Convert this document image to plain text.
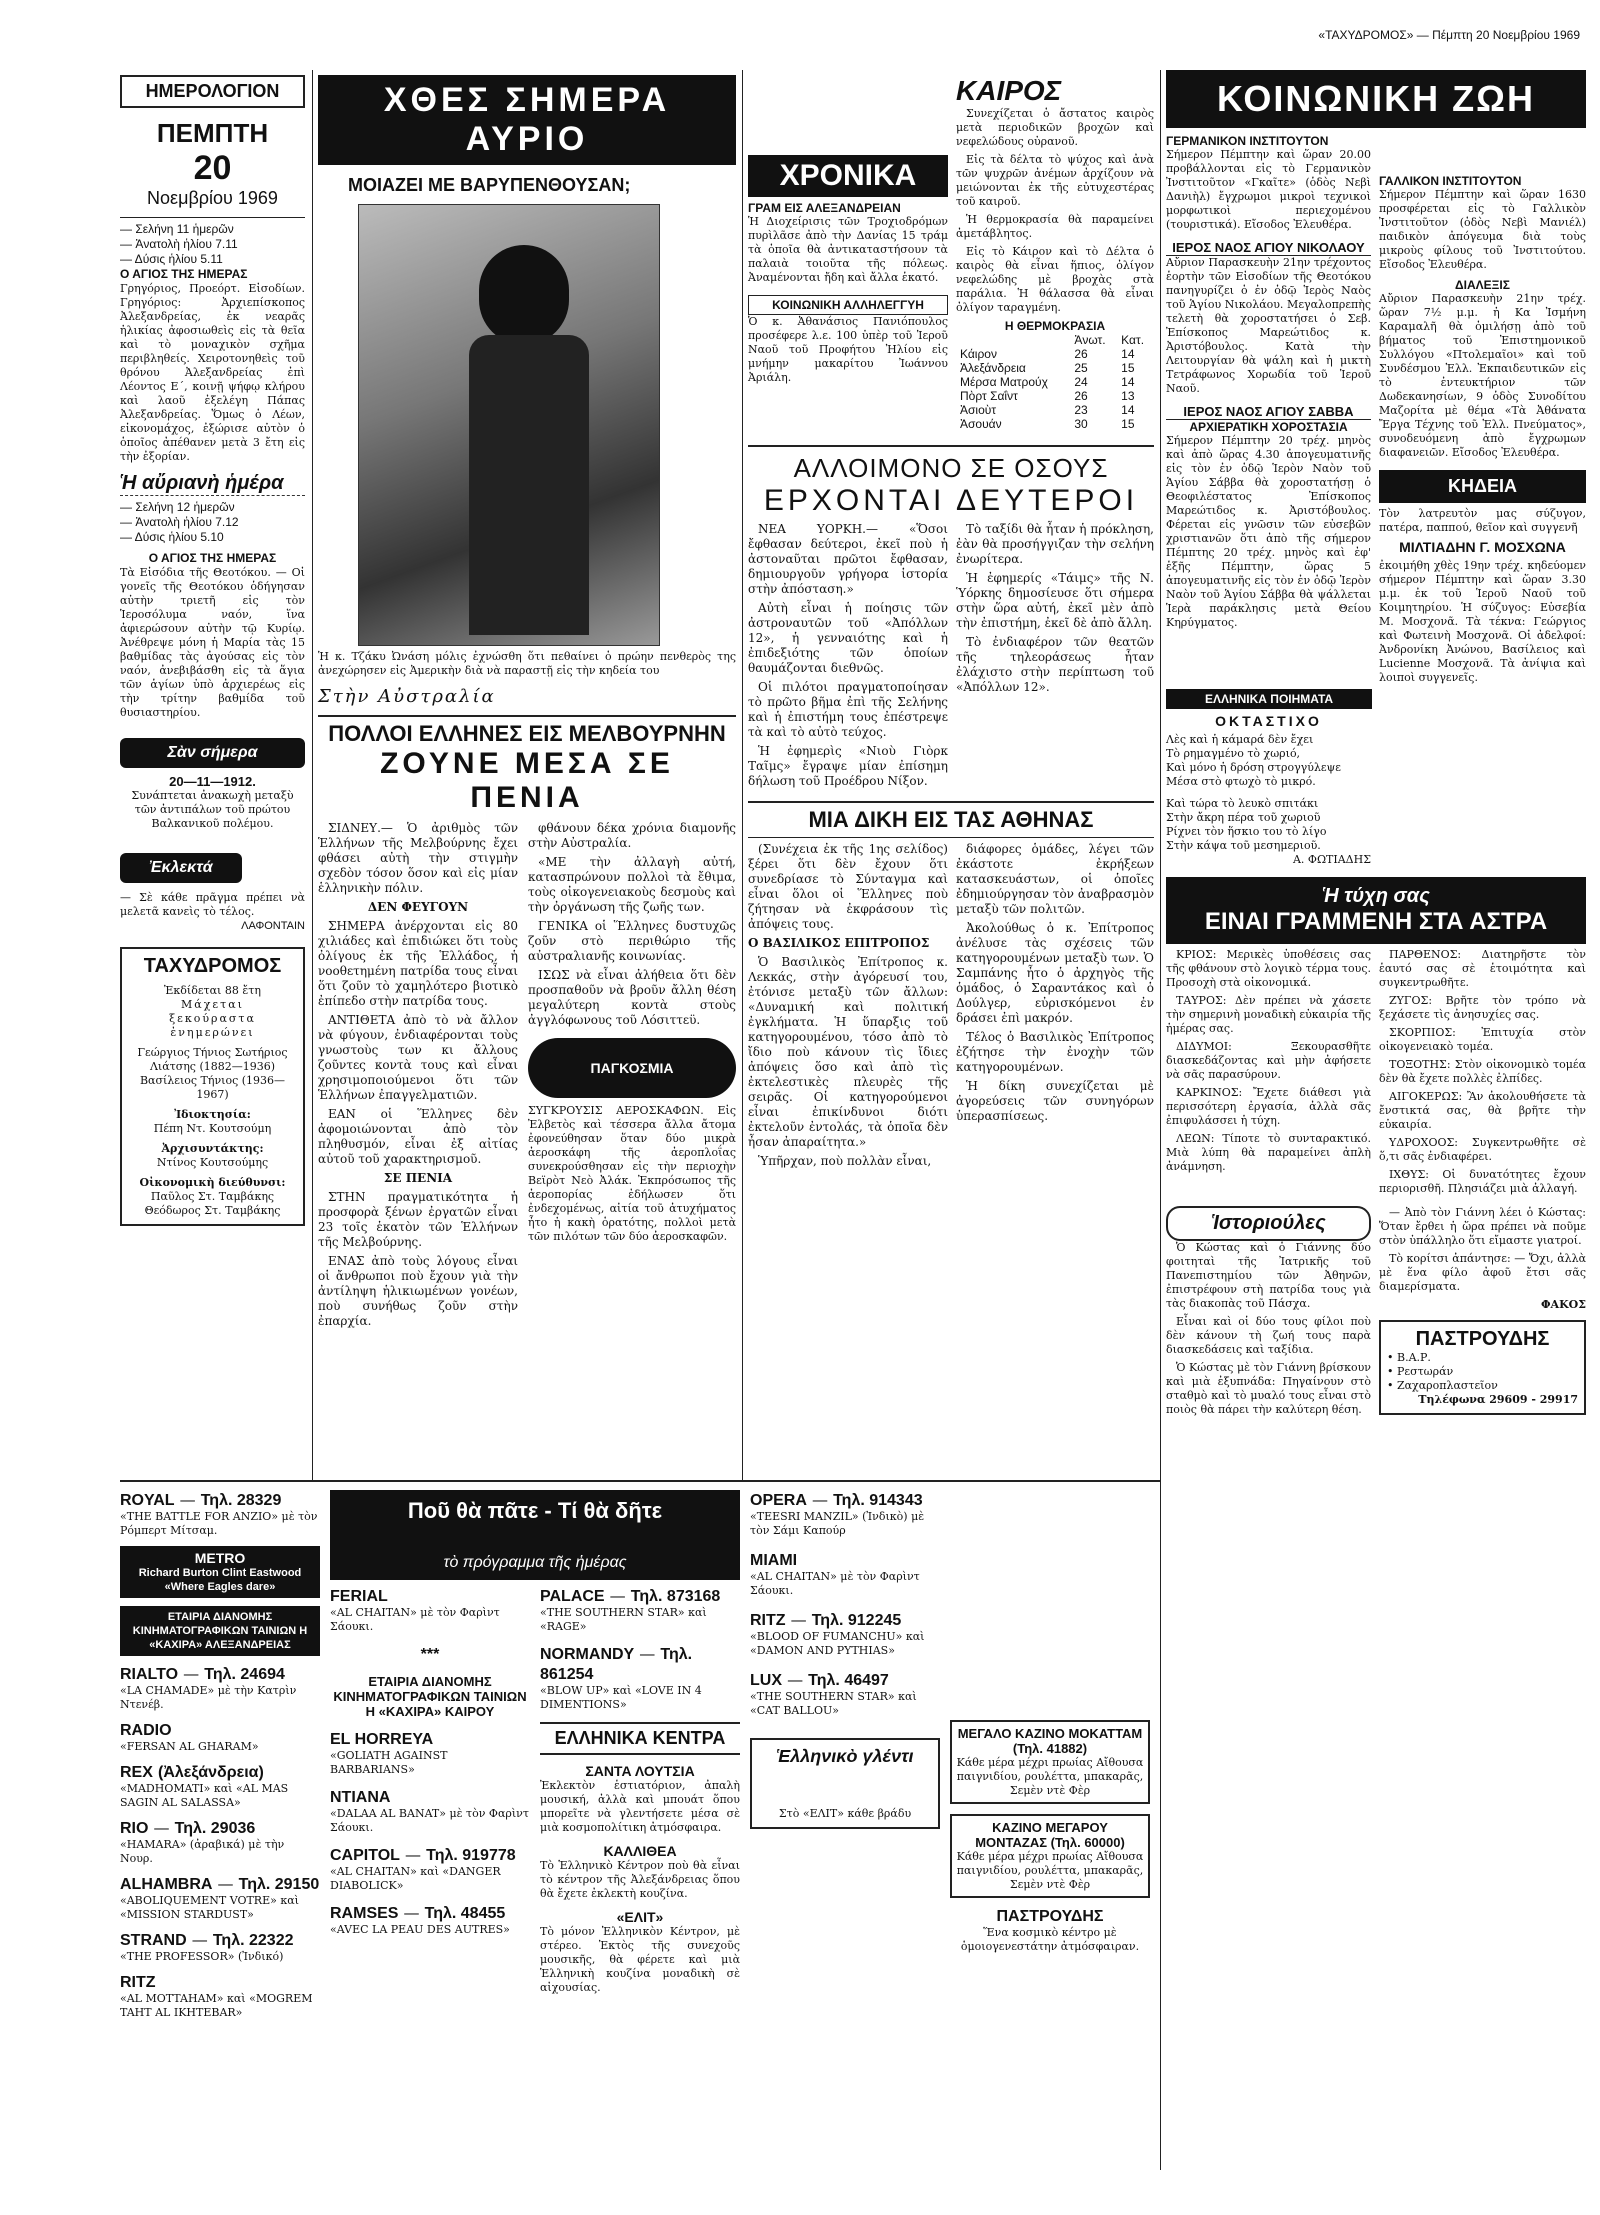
«ΤΑΧΥΔΡΟΜΟΣ» — Πέμπτη 20 Νοεμβρίου 1969
ΗΜΕΡΟΛΟΓΙΟΝ
ΠΕΜΠΤΗ
20
Νοεμβρίου 1969
— Σελήνη 11 ἡμερῶν
— Ἀνατολὴ ἡλίου 7.11
— Δύσις ἡλίου 5.11
Ο ΑΓΙΟΣ ΤΗΣ ΗΜΕΡΑΣ
Γρηγόριος, Προεόρτ. Εἰσοδίων. Γρηγόριος: Ἀρχιεπίσκοπος Ἀλεξανδρείας, ἐκ νεαρᾶς ἡλικίας ἀφοσιωθεὶς εἰς τὰ θεῖα καὶ τὸ μοναχικὸν σχῆμα περιβληθείς. Χειροτονηθεὶς τοῦ θρόνου Ἀλεξανδρείας ἐπὶ Λέοντος Ε΄, κοινῇ ψήφῳ κλήρου καὶ λαοῦ ἐξελέγη Πάπας Ἀλεξανδρείας. Ὅμως ὁ Λέων, εἰκονομάχος, ἐξώρισε αὐτὸν ὁ ὁποῖος ἀπέθανεν μετὰ 3 ἔτη εἰς τὴν ἐξορίαν.
Ἡ αὔριανὴ ἡμέρα
— Σελήνη 12 ἡμερῶν
— Ἀνατολὴ ἡλίου 7.12
— Δύσις ἡλίου 5.10
Ο ΑΓΙΟΣ ΤΗΣ ΗΜΕΡΑΣ
Τὰ Εἰσόδια τῆς Θεοτόκου. — Οἱ γονεῖς τῆς Θεοτόκου ὁδήγησαν αὐτὴν τριετῆ εἰς τὸν Ἱεροσόλυμα ναόν, ἵνα ἀφιερώσουν αὐτὴν τῷ Κυρίῳ. Ἀνέθρεψε μόνη ἡ Μαρία τὰς 15 βαθμίδας τὰς ἀγούσας εἰς τὸν ναόν, ἀνεβιβάσθη εἰς τὰ ἅγια τῶν ἁγίων ὑπὸ ἀρχιερέως εἰς τὴν τρίτην βαθμίδα τοῦ θυσιαστηρίου.
Σὰν σήμερα
20—11—1912.
Συνάπτεται ἀνακωχὴ μεταξὺ τῶν ἀντιπάλων τοῦ πρώτου Βαλκανικοῦ πολέμου.
Ἐκλεκτά
— Σὲ κάθε πρᾶγμα πρέπει νὰ μελετᾶ κανεὶς τὸ τέλος.
ΛΑΦΟΝΤΑΙΝ
ΤΑΧΥΔΡΟΜΟΣ
Ἐκδίδεται 88 ἔτη
Μάχεται
ξεκούραστα
ἐνημερώνει
Γεώργιος Τήνιος Σωτήριος Λιάτσης (1882—1936)
Βασίλειος Τήνιος (1936—1967)
Ἰδιοκτησία:
Πέπη Ντ. Κουτσούμη
Ἀρχισυντάκτης:
Ντίνος Κουτσούμης
Οἰκονομικὴ διεύθυνσι:
Παῦλος Στ. Ταμβάκης Θεόδωρος Στ. Ταμβάκης
ΧΘΕΣ ΣΗΜΕΡΑ ΑΥΡΙΟ
ΜΟΙΑΖΕΙ ΜΕ ΒΑΡΥΠΕΝΘΟΥΣΑΝ;
Ἡ κ. Τζάκυ Ὠνάση μόλις ἐχνώσθη ὅτι πεθαίνει ὁ πρώην πενθερὸς της ἀνεχώρησεν εἰς Ἀμερικὴν διὰ νὰ παραστῇ εἰς τὴν κηδεία του
Στὴν Αὐστραλία
ΠΟΛΛΟΙ ΕΛΛΗΝΕΣ ΕΙΣ ΜΕΛΒΟΥΡΝΗΝ
ΖΟΥΝΕ ΜΕΣΑ ΣΕ ΠΕΝΙΑ

ΣΙΔΝΕΥ.— Ὁ ἀριθμὸς τῶν Ἑλλήνων τῆς Μελβούρνης ἔχει φθάσει αὐτὴ τὴν στιγμὴν σχεδὸν τόσον ὅσον καὶ εἰς μίαν ἑλληνικὴν πόλιν.

ΔΕΝ ΦΕΥΓΟΥΝ

ΣΗΜΕΡΑ ἀνέρχονται εἰς 80 χιλιάδες καὶ ἐπιδιώκει ὅτι τοὺς ὀλίγους ἐκ τῆς Ἑλλάδος, ἡ νοοθετημένη πατρίδα τους εἶναι ὅτι ζοῦν τὸ χαμηλότερο βιοτικὸ ἐπίπεδο στὴν πατρίδα τους.

ΑΝΤΙΘΕΤΑ ἀπὸ τὸ νὰ ἄλλον νὰ φύγουν, ἐνδιαφέρονται τοὺς γνωστοὺς των κι ἄλλους ζοῦντες κοντὰ τους καὶ εἶναι χρησιμοποιούμενοι ὅτι τῶν Ἑλλήνων ἐπαγγελματιῶν.

ΕΑΝ οἱ Ἕλληνες δὲν ἀφομοιώνονται ἀπὸ τὸν πληθυσμόν, εἶναι ἐξ αἰτίας αὐτοῦ τοῦ χαρακτηρισμοῦ.

ΣΕ ΠΕΝΙΑ

ΣΤΗΝ πραγματικότητα ἡ προσφορὰ ξένων ἐργατῶν εἶναι 23 τοῖς ἑκατὸν τῶν Ἑλλήνων τῆς Μελβούρνης.

ΕΝΑΣ ἀπὸ τοὺς λόγους εἶναι οἱ ἄνθρωποι ποὺ ἔχουν γιὰ τὴν ἀντίληψη ἡλικιωμένων γονέων, ποὺ συνήθως ζοῦν στὴν ἐπαρχία.

φθάνουν δέκα χρόνια διαμονῆς στὴν Αὐστραλία.

«ΜΕ τὴν ἀλλαγὴ αὐτή, κατασπρώνουν πολλοὶ τὰ ἔθιμα, τοὺς οἰκογενειακοὺς δεσμοὺς καὶ τὴν ὀργάνωση τῆς ζωῆς των.

ΓΕΝΙΚΑ οἱ Ἕλληνες δυστυχῶς ζοῦν στὸ περιθώριο τῆς αὐστραλιανῆς κοινωνίας.

ΙΣΩΣ νὰ εἶναι ἀλήθεια ὅτι δὲν προσπαθοῦν νὰ βροῦν ἄλλη θέση μεγαλύτερη κοντὰ στοὺς ἀγγλόφωνους τοῦ Λόσιττεϋ.

ΠΑΓΚΟΣΜΙΑ
ΣΥΓΚΡΟΥΣΙΣ ΑΕΡΟΣΚΑΦΩΝ. Εἰς Ἐλβετὸς καὶ τέσσερα ἄλλα ἄτομα ἐφονεύθησαν ὅταν δύο μικρὰ ἀεροσκάφη τῆς ἀεροπλοΐας συνεκρούσθησαν εἰς τὴν περιοχὴν Βεϊρὸτ Νεὸ Ἀλάκ. Ἐκπρόσωπος τῆς ἀεροπορίας ἐδήλωσεν ὅτι ἐνδεχομένως, αἰτία τοῦ ἀτυχήματος ἦτο ἡ κακὴ ὁρατότης, πολλοὶ μετὰ τῶν πιλότων τῶν δύο ἀεροσκαφῶν.
ΧΡΟΝΙΚΑ
ΓΡΑΜ ΕΙΣ ΑΛΕΞΑΝΔΡΕΙΑΝ
Ἡ Διοχείρισις τῶν Τροχιοδρόμων πυρὶλᾶσε ἀπὸ τὴν Δανίας 15 τράμ τὰ ὁποῖα θὰ ἀντικαταστήσουν τὰ παλαιὰ τοιοῦτα τῆς πόλεως. Ἀναμένονται ἤδη καὶ ἄλλα ἑκατό.
ΚΟΙΝΩΝΙΚΗ ΑΛΛΗΛΕΓΓΥΗ
Ὁ κ. Ἀθανάσιος Πανιόπουλος προσέφερε λ.ε. 100 ὑπὲρ τοῦ Ἱεροῦ Ναοῦ τοῦ Προφήτου Ἠλίου εἰς μνήμην μακαρίτου Ἰωάννου Ἀριάλη.
ΚΑΙΡΟΣ

Συνεχίζεται ὁ ἄστατος καιρὸς μετὰ περιοδικῶν βροχῶν καὶ νεφελώδους οὐρανοῦ.

Εἰς τὰ δέλτα τὸ ψύχος καὶ ἀνὰ τῶν ψυχρῶν ἀνέμων ἀρχίζουν νὰ μειώνονται ἐκ τῆς εὐτυχεστέρας τοῦ καιροῦ.

Ἡ θερμοκρασία θὰ παραμείνει ἀμετάβλητος.

Εἰς τὸ Κάιρον καὶ τὸ Δέλτα ὁ καιρὸς θὰ εἶναι ἥπιος, ὀλίγον νεφελώδης μὲ βροχὰς στὰ παράλια. Ἡ θάλασσα θὰ εἶναι ὀλίγον ταραγμένη.

Η ΘΕΡΜΟΚΡΑΣΙΑ
	Ἀνωτ.	Κατ.
Κάιρον	26	14
Ἀλεξάνδρεια	25	15
Μέρσα Ματρούχ	24	14
Πὸρτ Σαΐντ	26	13
Ἀσιοὺτ	23	14
Ἀσουάν	30	15
ΑΛΛΟΙΜΟΝΟ ΣΕ ΟΣΟΥΣ
ΕΡΧΟΝΤΑΙ ΔΕΥΤΕΡΟΙ

ΝΕΑ ΥΟΡΚΗ.— «Ὅσοι ἔφθασαν δεύτεροι, ἐκεῖ ποὺ ἡ ἀστοναῦται πρῶτοι ἔφθασαν, δημιουργοῦν γρήγορα ἱστορία στὴν ἀπόσταση.»

Αὐτὴ εἶναι ἡ ποίησις τῶν ἀστροναυτῶν τοῦ «Ἀπόλλων 12», ἡ γενναιότης καὶ ἡ ἐπιδεξιότης τῶν ὁποίων θαυμάζονται διεθνῶς.

Οἱ πιλότοι πραγματοποίησαν τὸ πρῶτο βῆμα ἐπὶ τῆς Σελήνης καὶ ἡ ἐπιστήμη τους ἐπέστρεψε τὰ καὶ τὸ αὐτὸ τεύχος.

Ἡ ἐφημερὶς «Νιοὺ Γιὸρκ Ταῖμς» ἔγραψε μίαν ἐπίσημη δήλωση τοῦ Προέδρου Νίξον.

Τὸ ταξίδι θὰ ἦταν ἡ πρόκληση, ἐὰν θὰ προσήγγιζαν τὴν σελήνη ἐνωρίτερα.

Ἡ ἐφημερίς «Τάιμς» τῆς Ν. Ὑόρκης δημοσίευσε ὅτι σήμερα στὴν ὥρα αὐτή, ἐκεῖ μὲν ἀπὸ τὴν ἐπιστήμη, ἐκεῖ δὲ ἀπὸ ἄλλη.

Τὸ ἐνδιαφέρον τῶν θεατῶν τῆς τηλεοράσεως ἦταν ἐλάχιστο στὴν περίπτωση τοῦ «Ἀπόλλων 12».

ΜΙΑ ΔΙΚΗ ΕΙΣ ΤΑΣ ΑΘΗΝΑΣ

(Συνέχεια ἐκ τῆς 1ης σελίδος) ξέρει ὅτι δὲν ἔχουν ὅτι συνεδρίασε τὸ Σύνταγμα καὶ εἶναι ὅλοι οἱ Ἕλληνες ποὺ ζήτησαν νὰ ἐκφράσουν τὶς ἀπόψεις τους.

Ο ΒΑΣΙΛΙΚΟΣ ΕΠΙΤΡΟΠΟΣ

Ὁ Βασιλικὸς Ἐπίτροπος κ. Λεκκάς, στὴν ἀγόρευσί του, ἐτόνισε μεταξὺ τῶν ἄλλων: «Δυναμική καὶ πολιτική ἐγκλήματα. Ἡ ὕπαρξις τοῦ κατηγορουμένου, τόσο ἀπὸ τὸ ἴδιο ποὺ κάνουν τὶς ἴδιες ἀπόψεις ὅσο καὶ ἀπὸ τὶς ἐκτελεστικὲς πλευρὲς τῆς σειρᾶς. Οἱ κατηγορούμενοι εἶναι ἐπικίνδυνοι διότι ἐκτελοῦν ἐντολάς, τὰ ὁποῖα δὲν ἦσαν ἀπαραίτητα.»

Ὑπῆρχαν, ποὺ πολλὰν εἶναι,

διάφορες ὁμάδες, λέγει τῶν ἐκάστοτε ἐκρήξεων κατασκευάστων, οἱ ὁποῖες ἐδημιούργησαν τὸν ἀναβρασμὸν μεταξὺ τῶν πολιτῶν.

Ἀκολούθως ὁ κ. Ἐπίτροπος ἀνέλυσε τὰς σχέσεις τῶν κατηγορουμένων μεταξὺ των. Ὁ Σαμπάνης ἦτο ὁ ἀρχηγὸς τῆς ὁμάδος, ὁ Σαραντάκος καὶ ὁ Δούλγερ, εὐρισκόμενοι ἐν δράσει ἐπὶ μακρόν.

Τέλος ὁ Βασιλικὸς Ἐπίτροπος ἐζήτησε τὴν ἐνοχὴν τῶν κατηγορουμένων.

Ἡ δίκη συνεχίζεται μὲ ἀγορεύσεις τῶν συνηγόρων ὑπερασπίσεως.

ΚΟΙΝΩΝΙΚΗ ΖΩΗ
ΓΕΡΜΑΝΙΚΟΝ ΙΝΣΤΙΤΟΥΤΟΝ
Σήμερον Πέμπτην καὶ ὥραν 20.00 προβάλλονται εἰς τὸ Γερμανικὸν Ἰνστιτοῦτον «Γκαῖτε» (ὁδὸς Νεβὶ Δανιὴλ) ἔγχρωμοι μικροὶ τεχνικοὶ μορφωτικοὶ περιεχομένου (τουριστικά). Εἴσοδος Ἐλευθέρα.
ΙΕΡΟΣ ΝΑΟΣ ΑΓΙΟΥ ΝΙΚΟΛΑΟΥ
Αὔριον Παρασκευὴν 21ην τρέχοντος ἑορτὴν τῶν Εἰσοδίων τῆς Θεοτόκου πανηγυρίζει ὁ ἐν ὁδῷ Ἱερὸς Ναὸς τοῦ Ἁγίου Νικολάου. Μεγαλοπρεπὴς τελετὴ θὰ χοροστατήσει ὁ Σεβ. Ἐπίσκοπος Μαρεώτιδος κ. Ἀριστόβουλος. Κατὰ τὴν Λειτουργίαν θὰ ψάλη καὶ ἡ μικτὴ Τετράφωνος Χορωδία τοῦ Ἱεροῦ Ναοῦ.
ΙΕΡΟΣ ΝΑΟΣ ΑΓΙΟΥ ΣΑΒΒΑ
ΑΡΧΙΕΡΑΤΙΚΗ ΧΟΡΟΣΤΑΣΙΑ
Σήμερον Πέμπτην 20 τρέχ. μηνὸς καὶ ἀπὸ ὥρας 4.30 ἀπογευματινῆς εἰς τὸν ἐν ὁδῷ Ἱερὸν Ναὸν τοῦ Ἁγίου Σάββα θὰ χοροστατήσῃ ὁ Θεοφιλέστατος Ἐπίσκοπος Μαρεώτιδος κ. Ἀριστόβουλος. Φέρεται εἰς γνῶσιν τῶν εὐσεβῶν χριστιανῶν ὅτι ἀπὸ τῆς σήμερον Πέμπτης 20 τρέχ. μηνὸς καὶ ἐφ' ἑξῆς Πέμπτην, ὥρας 5 ἀπογευματινῆς εἰς τὸν ἐν ὁδῷ Ἱερὸν Ναὸν τοῦ Ἁγίου Σάββα θὰ ψάλλεται Ἱερὰ παράκλησις μετὰ Θείου Κηρύγματος.
ΓΑΛΛΙΚΟΝ ΙΝΣΤΙΤΟΥΤΟΝ
Σήμερον Πέμπτην καὶ ὥραν 1630 προσφέρεται εἰς τὸ Γαλλικὸν Ἰνστιτοῦτον (ὁδὸς Νεβὶ Μανιέλ) παιδικὸν ἀπόγευμα διὰ τοὺς μικροὺς φίλους τοῦ Ἰνστιτούτου. Εἴσοδος Ἐλευθέρα.
ΔΙΑΛΕΞΙΣ
Αὔριον Παρασκευὴν 21ην τρέχ. ὥραν 7½ μ.μ. ἡ Κα Ἰσμήνη Καραμαλῆ θὰ ὁμιλήσῃ ἀπὸ τοῦ βήματος τοῦ Ἐπιστημονικοῦ Συλλόγου «Πτολεμαῖοι» καὶ τοῦ Συνδέσμου Ἑλλ. Ἐκπαιδευτικῶν εἰς τὸ ἐντευκτήριον τῶν Δωδεκανησίων, 9 ὁδὸς Συνοδίτου Μαζορίτα μὲ θέμα «Τὰ Ἀθάνατα Ἔργα Τέχνης τοῦ Ἑλλ. Πνεύματος», συνοδευόμενη ἀπὸ ἔγχρωμων διαφανειῶν. Εἴσοδος Ἐλευθέρα.
ΚΗΔΕΙΑ
Τὸν λατρευτὸν μας σύζυγον, πατέρα, παππού, θεῖον καὶ συγγενῆ
ΜΙΛΤΙΑΔΗΝ Γ. ΜΟΣΧΩΝΑ
ἐκοιμήθη χθὲς 19ην τρέχ. κηδεύομεν σήμερον Πέμπτην καὶ ὥραν 3.30 μ.μ. ἐκ τοῦ Ἱεροῦ Ναοῦ τοῦ Κοιμητηρίου. Ἡ σύζυγος: Εὐσεβία Μ. Μοσχονᾶ. Τὰ τέκνα: Γεώργιος καὶ Φωτεινὴ Μοσχονᾶ. Οἱ ἀδελφοί: Ἀνδρονίκη Ἀνώνου, Βασίλειος καὶ Lucienne Μοσχονᾶ. Τὰ ἀνίψια καὶ λοιποὶ συγγενεῖς.
ΕΛΛΗΝΙΚΑ ΠΟΙΗΜΑΤΑ
ΟΚΤΑΣΤΙΧΟ
Λὲς καὶ ἡ κάμαρά δὲν ἔχει
Τὸ ρημαγμένο τὸ χωριό,
Καὶ μόνο ἡ δρόση στρογγύλεψε
Μέσα στὸ φτωχὸ τὸ μικρό.
Καὶ τώρα τὸ λευκὸ σπιτάκι
Στὴν ἄκρη πέρα τοῦ χωριοῦ
Ρίχνει τὸν ἥσκιο του τὸ λίγο
Στὴν κάψα τοῦ μεσημεριοῦ.
Α. ΦΩΤΙΑΔΗΣ
Ἡ τύχη σας
ΕΙΝΑΙ ΓΡΑΜΜΕΝΗ ΣΤΑ ΑΣΤΡΑ

ΚΡΙΟΣ: Μερικὲς ὑποθέσεις σας τῆς φθάνουν στὸ λογικὸ τέρμα τους. Προσοχὴ στὰ οἰκονομικά.

ΤΑΥΡΟΣ: Δὲν πρέπει νὰ χάσετε τὴν σημερινὴ μοναδικὴ εὐκαιρία τῆς ἡμέρας σας.

ΔΙΔΥΜΟΙ: Ξεκουρασθῆτε διασκεδάζοντας καὶ μὴν ἀφήσετε νὰ σᾶς παρασύρουν.

ΚΑΡΚΙΝΟΣ: Ἔχετε διάθεσι γιὰ περισσότερη ἐργασία, ἀλλὰ σᾶς ἐπιφυλάσσει ἡ τύχη.

ΛΕΩΝ: Τίποτε τὸ συνταρακτικό. Μιὰ λύπη θὰ παραμείνει ἀπλὴ ἀνάμνηση.

ΠΑΡΘΕΝΟΣ: Διατηρῆστε τὸν ἑαυτό σας σὲ ἑτοιμότητα καὶ συγκεντρωθῆτε.

ΖΥΓΟΣ: Βρῆτε τὸν τρόπο νὰ ξεχάσετε τὶς ἀνησυχίες σας.

ΣΚΟΡΠΙΟΣ: Ἐπιτυχία στὸν οἰκογενειακὸ τομέα.

ΤΟΞΟΤΗΣ: Στὸν οἰκονομικὸ τομέα δὲν θὰ ἔχετε πολλὲς ἐλπίδες.

ΑΙΓΟΚΕΡΩΣ: Ἂν ἀκολουθήσετε τὰ ἔνστικτά σας, θὰ βρῆτε τὴν εὐκαιρία.

ΥΔΡΟΧΟΟΣ: Συγκεντρωθῆτε σὲ ὅ,τι σᾶς ἐνδιαφέρει.

ΙΧΘΥΣ: Οἱ δυνατότητες ἔχουν περιορισθῆ. Πλησιάζει μιὰ ἀλλαγή.

Ἱστοριούλες

Ὁ Κώστας καὶ ὁ Γιάννης δύο φοιτηταὶ τῆς Ἰατρικῆς τοῦ Πανεπιστημίου τῶν Ἀθηνῶν, ἐπιστρέφουν στὴ πατρίδα τους γιὰ τὰς διακοπὰς τοῦ Πάσχα.

Εἶναι καὶ οἱ δύο τους φίλοι ποὺ δὲν κάνουν τὴ ζωή τους παρὰ διασκεδάσεις καὶ ταξίδια.

Ὁ Κώστας μὲ τὸν Γιάννη βρίσκουν καὶ μιὰ ἐξυπνάδα: Πηγαίνουν στὸ σταθμὸ καὶ τὸ μυαλό τους εἶναι στὸ ποιὸς θὰ πάρει τὴν καλύτερη θέση.

— Ἀπὸ τὸν Γιάννη λέει ὁ Κώστας: Ὅταν ἔρθει ἡ ὥρα πρέπει νὰ ποῦμε στὸν ὑπάλληλο ὅτι εἴμαστε γιατροί.

Τὸ κορίτσι ἀπάντησε: — Ὄχι, ἀλλὰ μὲ ἕνα φίλο ἀφοῦ ἔτσι σᾶς διαμερίσματα.

ΦΑΚΟΣ
ΠΑΣΤΡΟΥΔΗΣ
• Β.Α.Ρ.
• Ρεστωράν
• Ζαχαροπλαστεῖον
Τηλέφωνα 29609 - 29917
ROYAL — Τηλ. 28329
«THE BATTLE FOR ANZIO» μὲ τὸν Ρόμπερτ Μίτσαμ.
METRO
Richard Burton Clint Eastwood «Where Eagles dare»
ΕΤΑΙΡΙΑ ΔΙΑΝΟΜΗΣ ΚΙΝΗΜΑΤΟΓΡΑΦΙΚΩΝ ΤΑΙΝΙΩΝ Η «ΚΑΧΙΡΑ» ΑΛΕΞΑΝΔΡΕΙΑΣ
RIALTO — Τηλ. 24694
«LA CHAMADE» μὲ τὴν Κατρὶν Ντενέβ.
RADIO
«FERSAN AL GHARAM»
REX (Ἀλεξάνδρεια)
«MADHOMATI» καὶ «AL MAS SAGIN AL SALASSA»
RIO — Τηλ. 29036
«HAMARA» (ἀραβικά) μὲ τὴν Νουρ.
ALHAMBRA — Τηλ. 29150
«ABOLIQUEMENT VOTRE» καὶ «MISSION STARDUST»
STRAND — Τηλ. 22322
«THE PROFESSOR» (Ἰνδικό)
RITZ
«AL MOTTAHAM» καὶ «MOGREM TAHT AL IKHTEBAR»
Ποῦ θὰ πᾶτε - Τί θὰ δῆτε
τὸ πρόγραμμα τῆς ἡμέρας
FERIAL
«AL CHAITAN» μὲ τὸν Φαρὶντ Σάουκι.
***
ΕΤΑΙΡΙΑ ΔΙΑΝΟΜΗΣ ΚΙΝΗΜΑΤΟΓΡΑΦΙΚΩΝ ΤΑΙΝΙΩΝ Η «ΚΑΧΙΡΑ» ΚΑΙΡΟΥ
EL HORREYA
«GOLIATH AGAINST BARBARIANS»
ΝΤΙΑΝΑ
«DALAA AL BANAT» μὲ τὸν Φαρὶντ Σάουκι.
CAPITOL — Τηλ. 919778
«AL CHAITAN» καὶ «DANGER DIABOLICK»
RAMSES — Τηλ. 48455
«AVEC LA PEAU DES AUTRES»
PALACE — Τηλ. 873168
«THE SOUTHERN STAR» καὶ «RAGE»
NORMANDY — Τηλ. 861254
«BLOW UP» καὶ «LOVE IN 4 DIMENTIONS»
ΕΛΛΗΝΙΚΑ ΚΕΝΤΡΑ
ΣΑΝΤΑ ΛΟΥΤΣΙΑ
Ἐκλεκτὸν ἑστιατόριον, ἀπαλὴ μουσική, ἀλλὰ καὶ μπουάτ ὅπου μπορεῖτε νὰ γλεντήσετε μέσα σὲ μιὰ κοσμοπολίτικη ἀτμόσφαιρα.
ΚΑΛΛΙΘΕΑ
Τὸ Ἑλληνικὸ Κέντρον ποὺ θὰ εἶναι τὸ κέντρον τῆς Ἀλεξάνδρειας ὅπου θὰ ἔχετε ἐκλεκτὴ κουζίνα.
«ΕΛΙΤ»
Τὸ μόνον Ἑλληνικὸν Κέντρον, μὲ στέρεο. Ἐκτὸς τῆς συνεχοῦς μουσικῆς, θὰ φέρετε καὶ μιὰ Ἑλληνικὴ κουζίνα μοναδικὴ σὲ αἰχουσίας.
OPERA — Τηλ. 914343
«TEESRI MANZIL» (Ἰνδικὸ) μὲ τὸν Σάμι Καπούρ
MIAMI
«AL CHAITAN» μὲ τὸν Φαρὶντ Σάουκι.
RITZ — Τηλ. 912245
«BLOOD OF FUMANCHU» καὶ «DAMON AND PYTHIAS»
LUX — Τηλ. 46497
«THE SOUTHERN STAR» καὶ «CAT BALLOU»
Ἑλληνικὸ γλέντι
Στὸ «ΕΛΙΤ» κάθε βράδυ
ΜΕΓΑΛΟ ΚΑΖΙΝΟ ΜΟΚΑΤΤΑΜ (Τηλ. 41882)
Κάθε μέρα μέχρι πρωίας Αἴθουσα παιγνιδίου, ρουλέττα, μπακαρᾶς, Σεμὲν ντὲ Φὲρ
ΚΑΖΙΝΟ ΜΕΓΑΡΟΥ ΜΟΝΤΑΖΑΣ (Τηλ. 60000)
Κάθε μέρα μέχρι πρωίας Αἴθουσα παιγνιδίου, ρουλέττα, μπακαρᾶς, Σεμὲν ντὲ Φὲρ
ΠΑΣΤΡΟΥΔΗΣ
Ἕνα κοσμικὸ κέντρο μὲ ὁμοιογενεστάτην ἀτμόσφαιραν.
